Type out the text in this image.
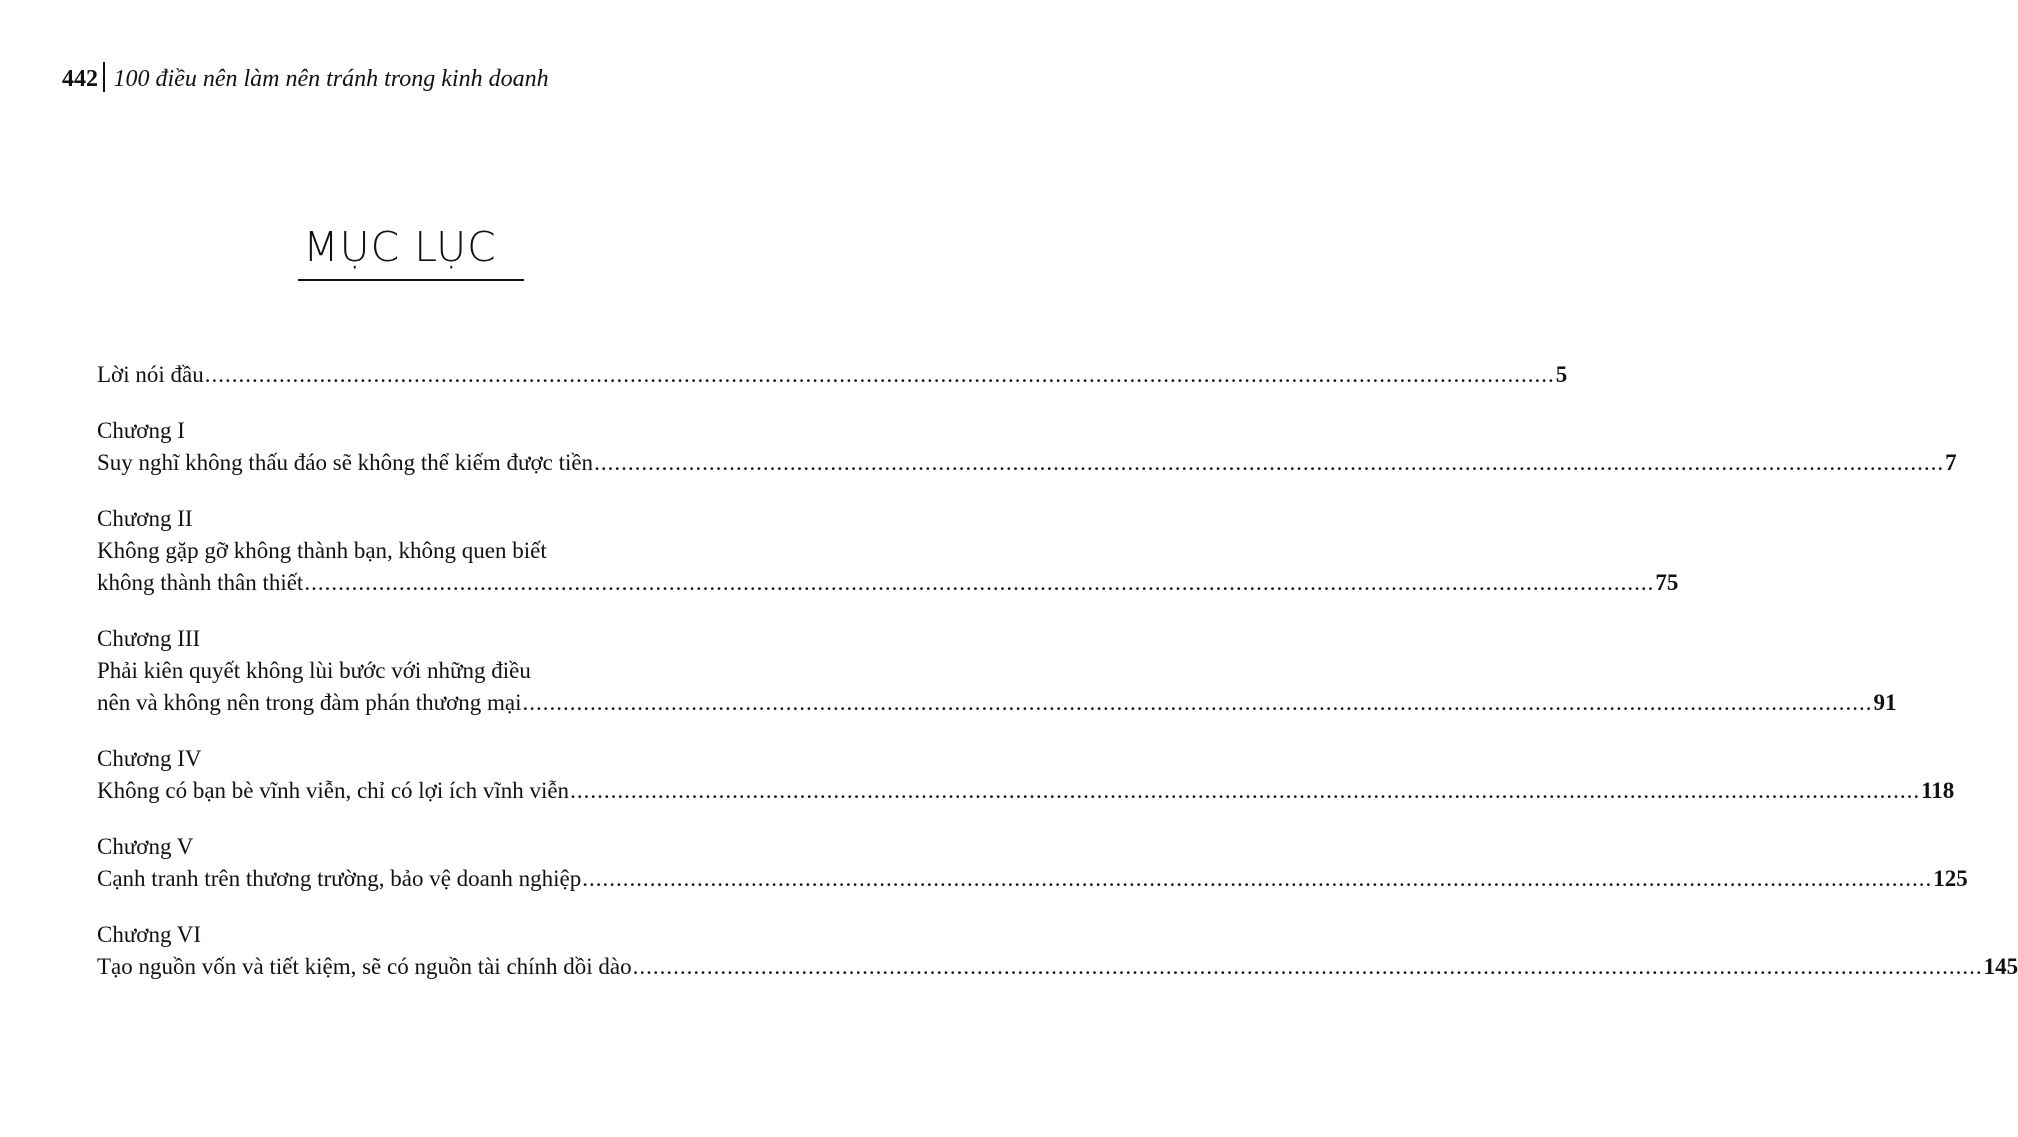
442 100 điều nên làm nên tránh trong kinh doanh
MỤC LỤC
Lời nói đầu ........................................................................................................................................................................................................ 5
Chương I
Suy nghĩ không thấu đáo sẽ không thể kiếm được tiền ........................................................................................................................................................................................................ 7
Chương II
Không gặp gỡ không thành bạn, không quen biết
không thành thân thiết ........................................................................................................................................................................................................ 75
Chương III
Phải kiên quyết không lùi bước với những điều
nên và không nên trong đàm phán thương mại ........................................................................................................................................................................................................ 91
Chương IV
Không có bạn bè vĩnh viễn, chỉ có lợi ích vĩnh viễn ........................................................................................................................................................................................................ 118
Chương V
Cạnh tranh trên thương trường, bảo vệ doanh nghiệp ........................................................................................................................................................................................................ 125
Chương VI
Tạo nguồn vốn và tiết kiệm, sẽ có nguồn tài chính dồi dào ........................................................................................................................................................................................................ 145
